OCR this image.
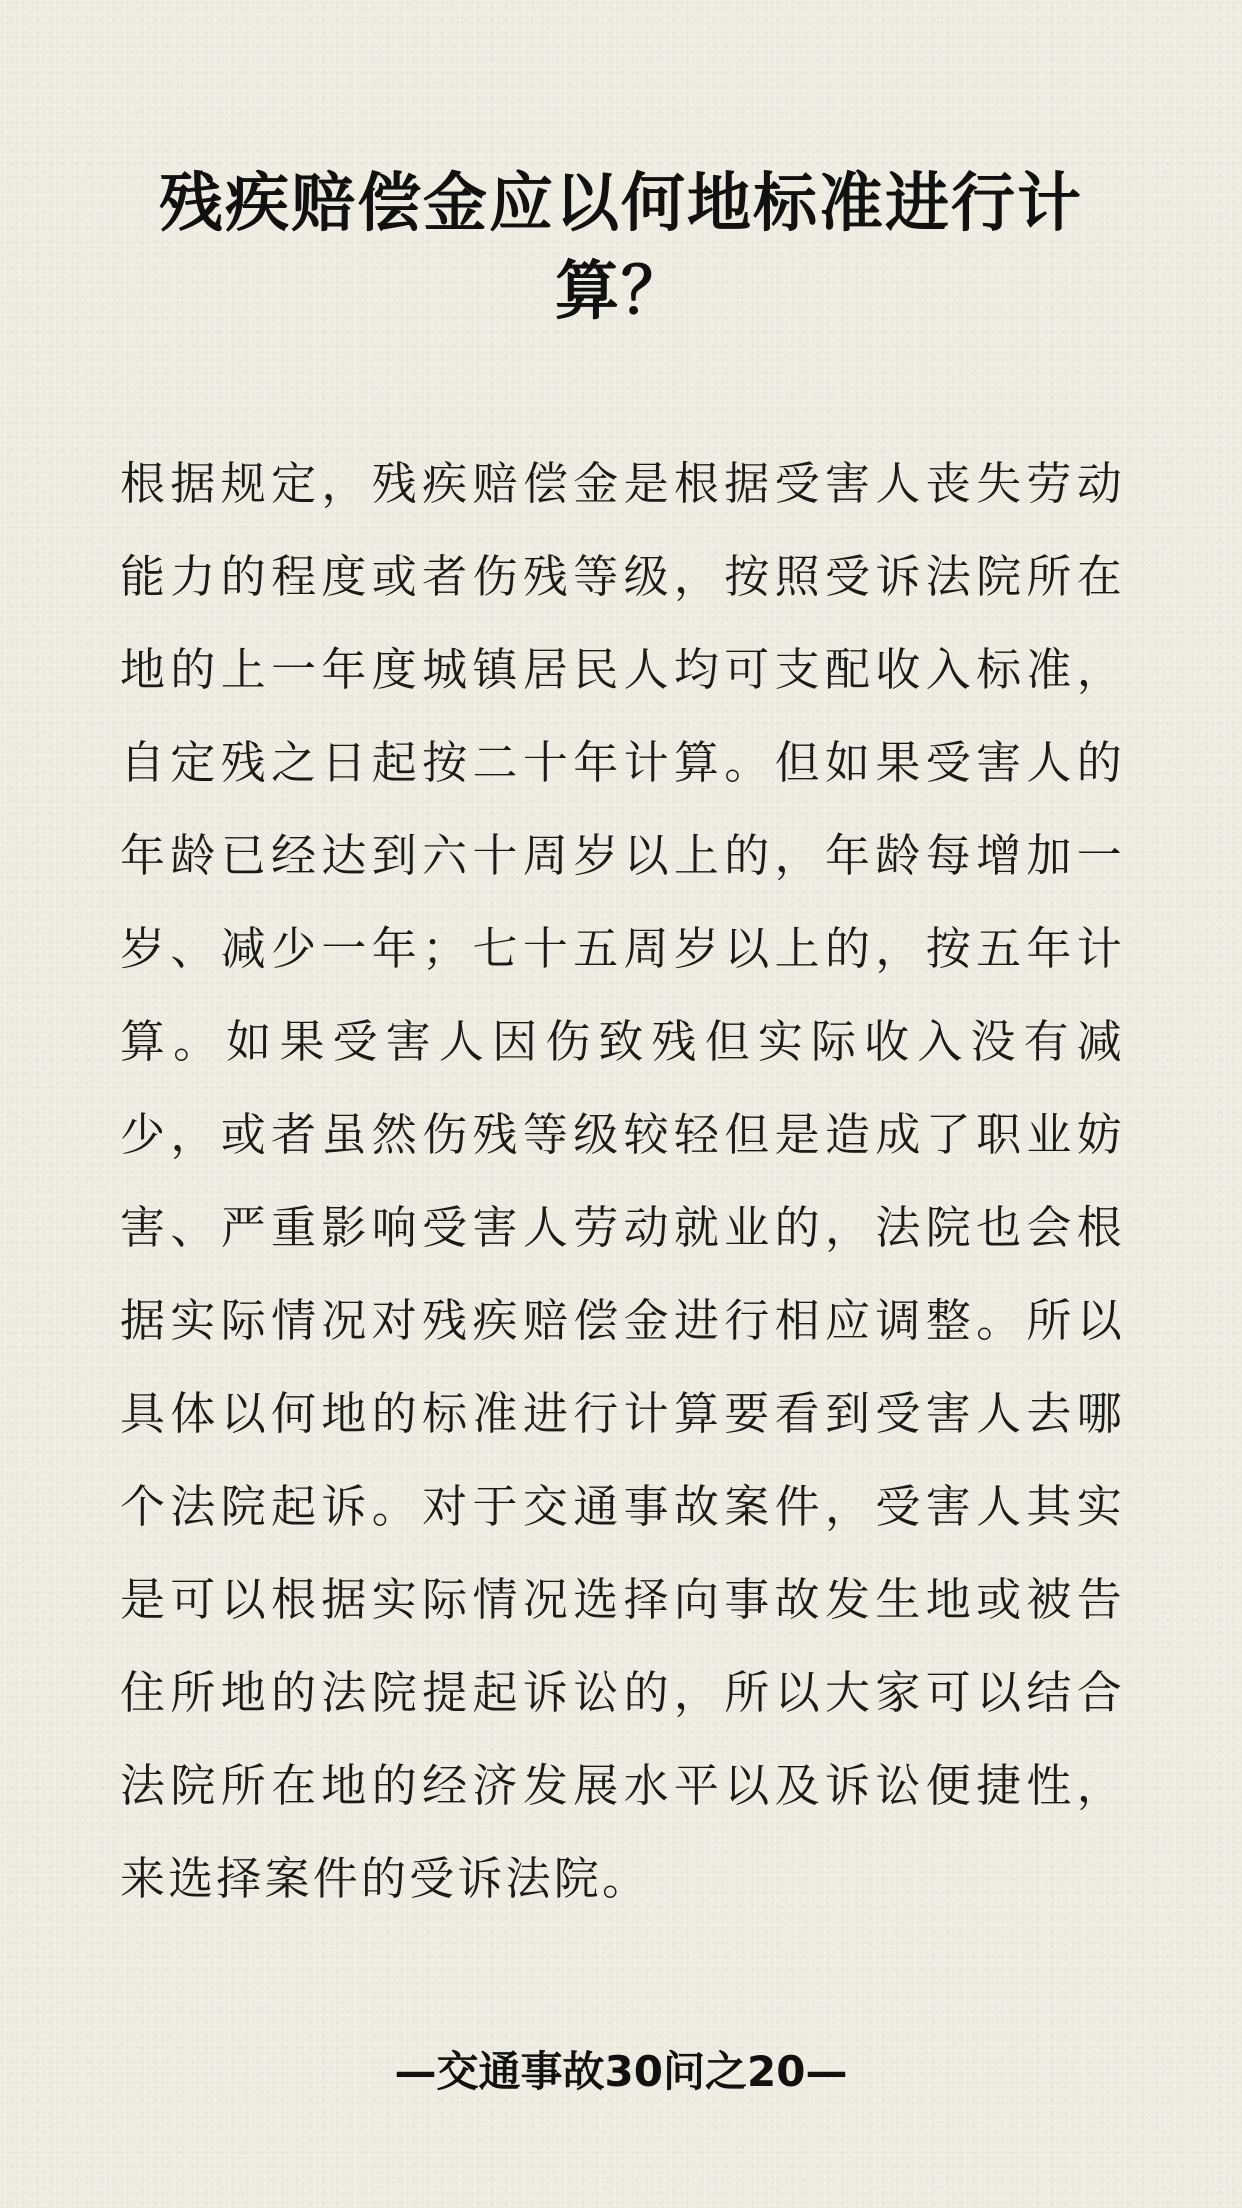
残疾赔偿金应以何地标准进行计算？

根据规定，残疾赔偿金是根据受害人丧失劳动能力的程度或者伤残等级，按照受诉法院所在地的上一年度城镇居民人均可支配收入标准，自定残之日起按二十年计算。但如果受害人的年龄已经达到六十周岁以上的，年龄每增加一岁、减少一年；七十五周岁以上的，按五年计算。如果受害人因伤致残但实际收入没有减少，或者虽然伤残等级较轻但是造成了职业妨害、严重影响受害人劳动就业的，法院也会根据实际情况对残疾赔偿金进行相应调整。所以具体以何地的标准进行计算要看到受害人去哪个法院起诉。对于交通事故案件，受害人其实是可以根据实际情况选择向事故发生地或被告住所地的法院提起诉讼的，所以大家可以结合法院所在地的经济发展水平以及诉讼便捷性，来选择案件的受诉法院。

—交通事故30问之20—
